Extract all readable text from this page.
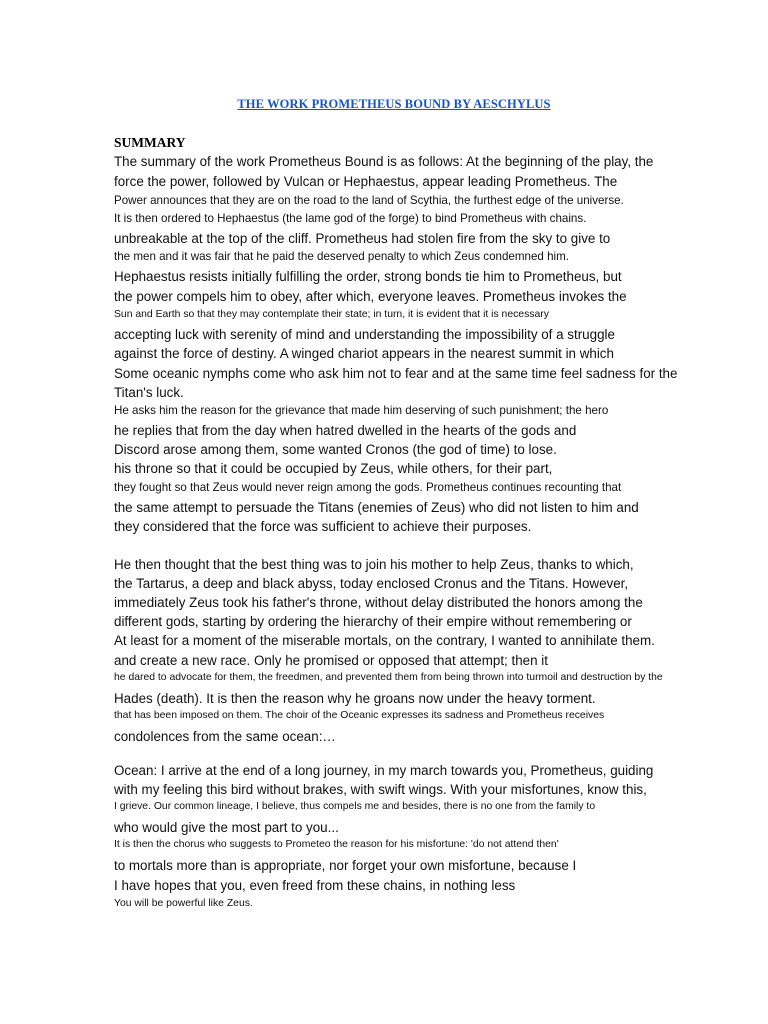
THE WORK PROMETHEUS BOUND BY AESCHYLUS
SUMMARY
The summary of the work Prometheus Bound is as follows: At the beginning of the play, the
force the power, followed by Vulcan or Hephaestus, appear leading Prometheus. The
Power announces that they are on the road to the land of Scythia, the furthest edge of the universe.
It is then ordered to Hephaestus (the lame god of the forge) to bind Prometheus with chains.
unbreakable at the top of the cliff. Prometheus had stolen fire from the sky to give to
the men and it was fair that he paid the deserved penalty to which Zeus condemned him.
Hephaestus resists initially fulfilling the order, strong bonds tie him to Prometheus, but
the power compels him to obey, after which, everyone leaves. Prometheus invokes the
Sun and Earth so that they may contemplate their state; in turn, it is evident that it is necessary
accepting luck with serenity of mind and understanding the impossibility of a struggle
against the force of destiny. A winged chariot appears in the nearest summit in which
Some oceanic nymphs come who ask him not to fear and at the same time feel sadness for the
Titan's luck.
He asks him the reason for the grievance that made him deserving of such punishment; the hero
he replies that from the day when hatred dwelled in the hearts of the gods and
Discord arose among them, some wanted Cronos (the god of time) to lose.
his throne so that it could be occupied by Zeus, while others, for their part,
they fought so that Zeus would never reign among the gods. Prometheus continues recounting that
the same attempt to persuade the Titans (enemies of Zeus) who did not listen to him and
they considered that the force was sufficient to achieve their purposes.
He then thought that the best thing was to join his mother to help Zeus, thanks to which,
the Tartarus, a deep and black abyss, today enclosed Cronus and the Titans. However,
immediately Zeus took his father's throne, without delay distributed the honors among the
different gods, starting by ordering the hierarchy of their empire without remembering or
At least for a moment of the miserable mortals, on the contrary, I wanted to annihilate them.
and create a new race. Only he promised or opposed that attempt; then it
he dared to advocate for them, the freedmen, and prevented them from being thrown into turmoil and destruction by the
Hades (death). It is then the reason why he groans now under the heavy torment.
that has been imposed on them. The choir of the Oceanic expresses its sadness and Prometheus receives
condolences from the same ocean:…
Ocean: I arrive at the end of a long journey, in my march towards you, Prometheus, guiding
with my feeling this bird without brakes, with swift wings. With your misfortunes, know this,
I grieve. Our common lineage, I believe, thus compels me and besides, there is no one from the family to
who would give the most part to you...
It is then the chorus who suggests to Prometeo the reason for his misfortune: 'do not attend then'
to mortals more than is appropriate, nor forget your own misfortune, because I
I have hopes that you, even freed from these chains, in nothing less
You will be powerful like Zeus.
